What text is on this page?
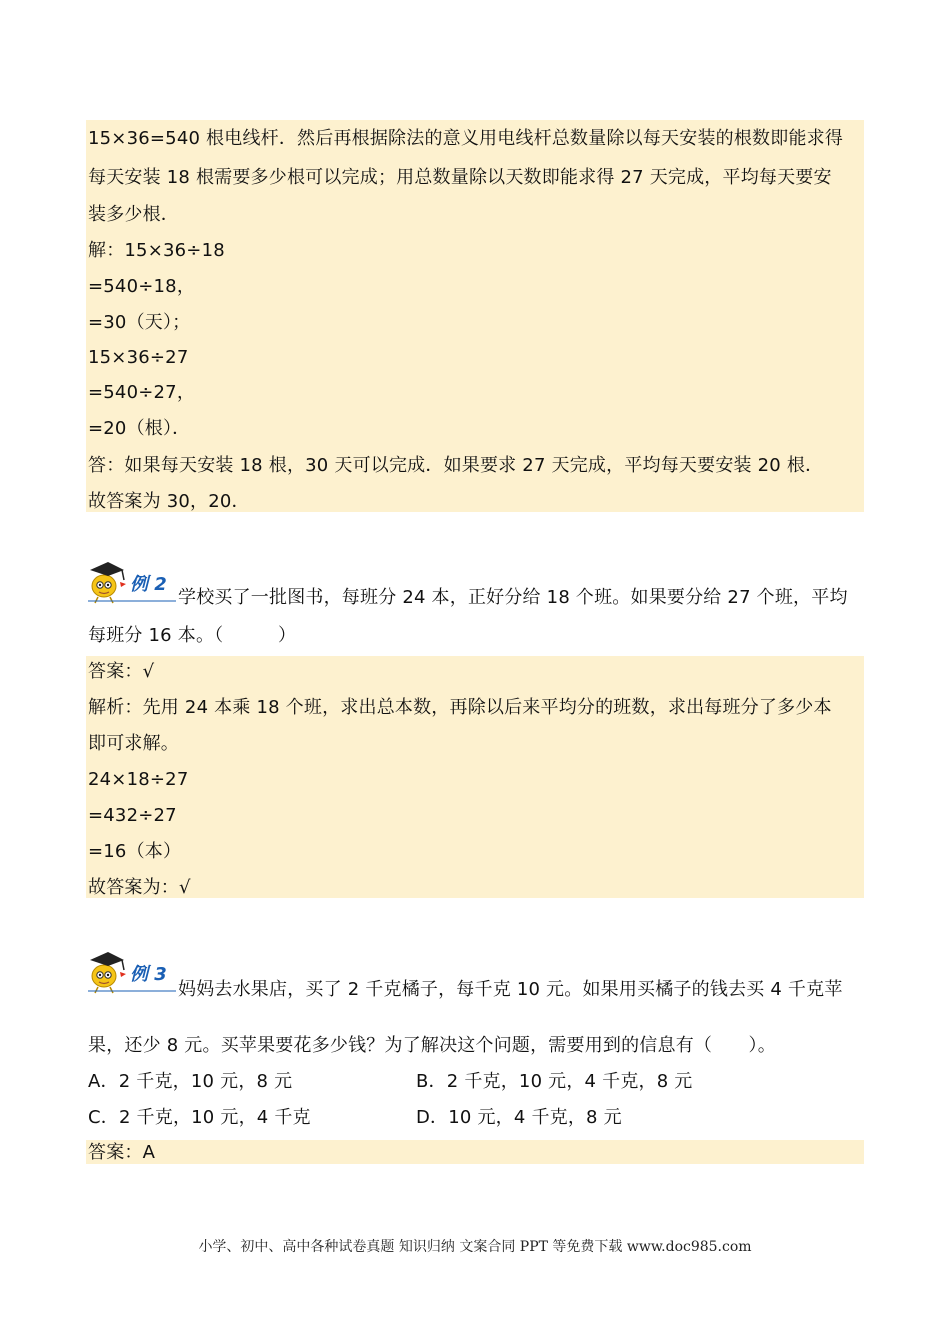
15×36=540 根电线杆．然后再根据除法的意义用电线杆总数量除以每天安装的根数即能求得
每天安装 18 根需要多少根可以完成；用总数量除以天数即能求得 27 天完成，平均每天要安
装多少根．
解：15×36÷18
=540÷18，
=30（天）；
15×36÷27
=540÷27，
=20（根）．
答：如果每天安装 18 根，30 天可以完成．如果要求 27 天完成，平均每天要安装 20 根．
故答案为 30，20．
例 2
学校买了一批图书，每班分 24 本，正好分给 18 个班。如果要分给 27 个班，平均
每班分 16 本。（　　　）
答案：√
解析：先用 24 本乘 18 个班，求出总本数，再除以后来平均分的班数，求出每班分了多少本
即可求解。
24×18÷27
=432÷27
=16（本）
故答案为：√
例 3
妈妈去水果店，买了 2 千克橘子，每千克 10 元。如果用买橘子的钱去买 4 千克苹
果，还少 8 元。买苹果要花多少钱？为了解决这个问题，需要用到的信息有（　　）。
A．2 千克，10 元，8 元	B．2 千克，10 元，4 千克，8 元
C．2 千克，10 元，4 千克	D．10 元，4 千克，8 元
答案：A
小学、初中、高中各种试卷真题 知识归纳 文案合同 PPT 等免费下载 www.doc985.com
